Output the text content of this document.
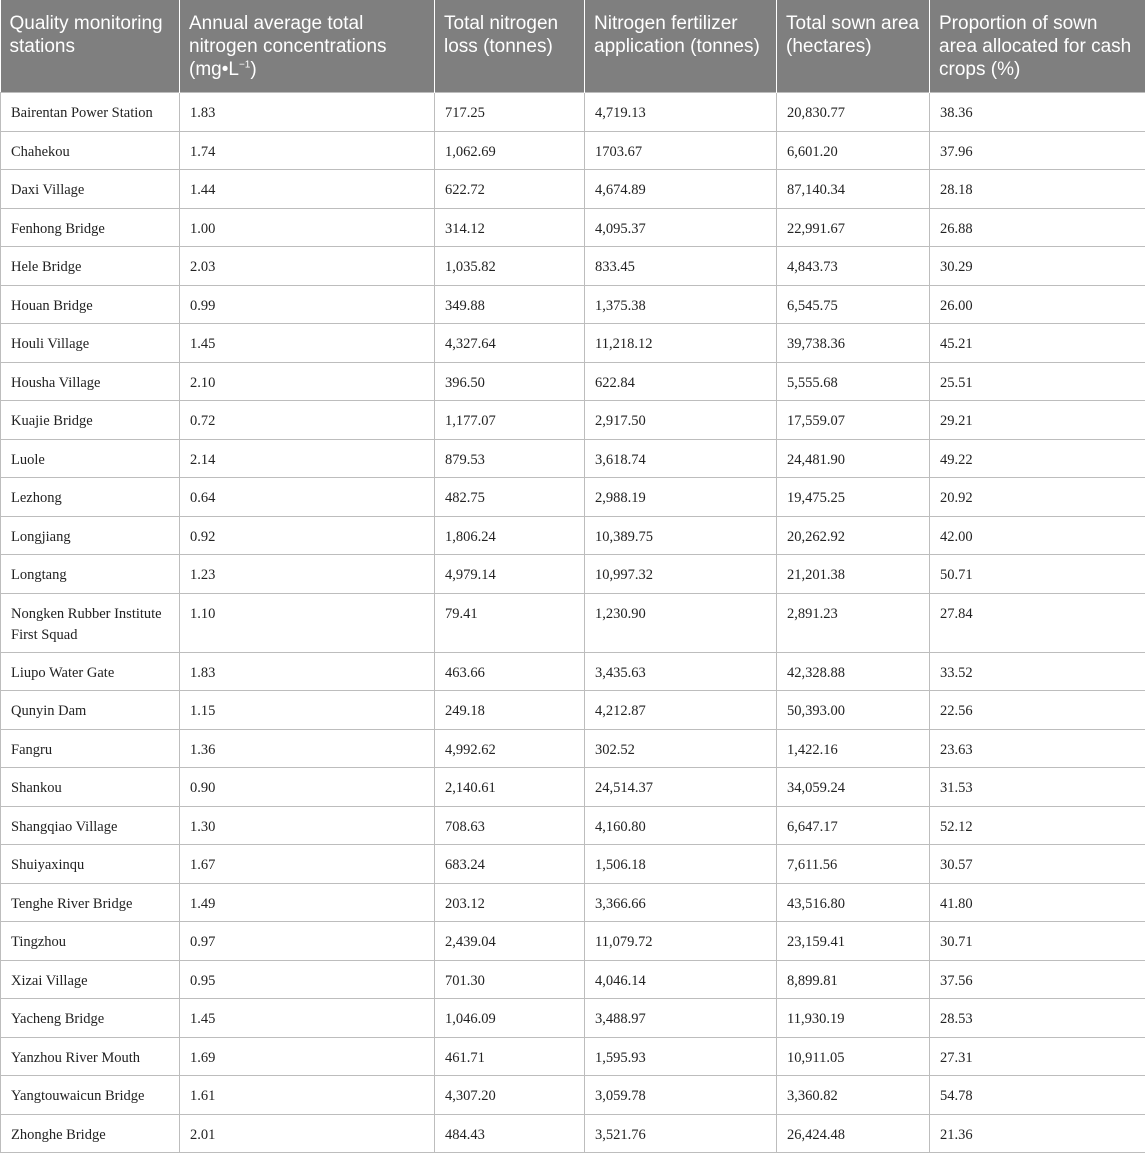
Quality monitoring stations	Annual average total nitrogen concentrations $(mg•L^{-1})$	Total nitrogen loss (tonnes)	Nitrogen fertilizer application (tonnes)	Total sown area (hectares)	Proportion of sown area allocated for cash crops (%)
Bairentan Power Station	1.83	717.25	4,719.13	20,830.77	38.36
Chahekou	1.74	1,062.69	1703.67	6,601.20	37.96
Daxi Village	1.44	622.72	4,674.89	87,140.34	28.18
Fenhong Bridge	1.00	314.12	4,095.37	22,991.67	26.88
Hele Bridge	2.03	1,035.82	833.45	4,843.73	30.29
Houan Bridge	0.99	349.88	1,375.38	6,545.75	26.00
Houli Village	1.45	4,327.64	11,218.12	39,738.36	45.21
Housha Village	2.10	396.50	622.84	5,555.68	25.51
Kuajie Bridge	0.72	1,177.07	2,917.50	17,559.07	29.21
Luole	2.14	879.53	3,618.74	24,481.90	49.22
Lezhong	0.64	482.75	2,988.19	19,475.25	20.92
Longjiang	0.92	1,806.24	10,389.75	20,262.92	42.00
Longtang	1.23	4,979.14	10,997.32	21,201.38	50.71
Nongken Rubber Institute First Squad	1.10	79.41	1,230.90	2,891.23	27.84
Liupo Water Gate	1.83	463.66	3,435.63	42,328.88	33.52
Qunyin Dam	1.15	249.18	4,212.87	50,393.00	22.56
Fangru	1.36	4,992.62	302.52	1,422.16	23.63
Shankou	0.90	2,140.61	24,514.37	34,059.24	31.53
Shangqiao Village	1.30	708.63	4,160.80	6,647.17	52.12
Shuiyaxinqu	1.67	683.24	1,506.18	7,611.56	30.57
Tenghe River Bridge	1.49	203.12	3,366.66	43,516.80	41.80
Tingzhou	0.97	2,439.04	11,079.72	23,159.41	30.71
Xizai Village	0.95	701.30	4,046.14	8,899.81	37.56
Yacheng Bridge	1.45	1,046.09	3,488.97	11,930.19	28.53
Yanzhou River Mouth	1.69	461.71	1,595.93	10,911.05	27.31
Yangtouwaicun Bridge	1.61	4,307.20	3,059.78	3,360.82	54.78
Zhonghe Bridge	2.01	484.43	3,521.76	26,424.48	21.36
